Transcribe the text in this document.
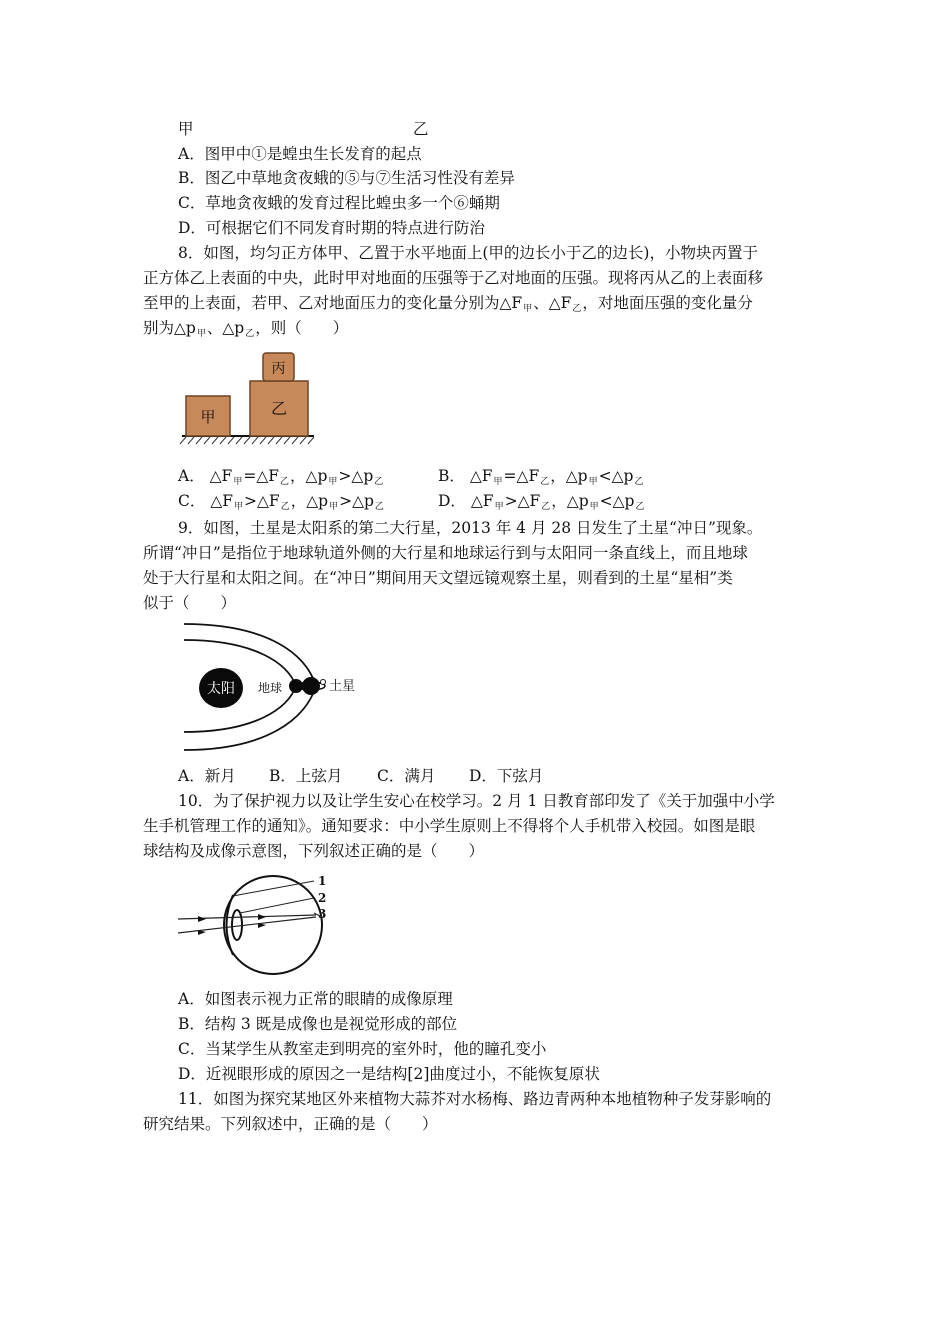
甲	乙
A．图甲中①是蝗虫生长发育的起点
B．图乙中草地贪夜蛾的⑤与⑦生活习性没有差异
C．草地贪夜蛾的发育过程比蝗虫多一个⑥蛹期
D．可根据它们不同发育时期的特点进行防治
8．如图，均匀正方体甲、乙置于水平地面上(甲的边长小于乙的边长)，小物块丙置于
正方体乙上表面的中央，此时甲对地面的压强等于乙对地面的压强。现将丙从乙的上表面移
至甲的上表面，若甲、乙对地面压力的变化量分别为$\triangle F_甲$、$\triangle F_乙$，对地面压强的变化量分
别为$\triangle p_甲$、$\triangle p_乙$，则（　　）
甲	乙
丙
A． $\triangle F_甲=\triangle F_乙$，$\triangle p_甲>\triangle p_乙$	B． $\triangle F_甲=\triangle F_乙$，$\triangle p_甲<\triangle p_乙$
C． $\triangle F_甲>\triangle F_乙$，$\triangle p_甲>\triangle p_乙$	D． $\triangle F_甲>\triangle F_乙$，$\triangle p_甲<\triangle p_乙$
9．如图，土星是太阳系的第二大行星，2013 年 4 月 28 日发生了土星“冲日”现象。
所谓“冲日”是指位于地球轨道外侧的大行星和地球运行到与太阳同一条直线上，而且地球
处于大行星和太阳之间。在“冲日”期间用天文望远镜观察土星，则看到的土星“星相”类
似于（　　）
太阳 地球	土星
A．新月 B．上弦月 C．满月 D．下弦月
10．为了保护视力以及让学生安心在校学习。2 月 1 日教育部印发了《关于加强中小学
生手机管理工作的通知》。通知要求：中小学生原则上不得将个人手机带入校园。如图是眼
球结构及成像示意图，下列叙述正确的是（　　）
1
2
3
A．如图表示视力正常的眼睛的成像原理
B．结构 3 既是成像也是视觉形成的部位
C．当某学生从教室走到明亮的室外时，他的瞳孔变小
D．近视眼形成的原因之一是结构[2]曲度过小，不能恢复原状
11．如图为探究某地区外来植物大蒜芥对水杨梅、路边青两种本地植物种子发芽影响的
研究结果。下列叙述中，正确的是（　　）
